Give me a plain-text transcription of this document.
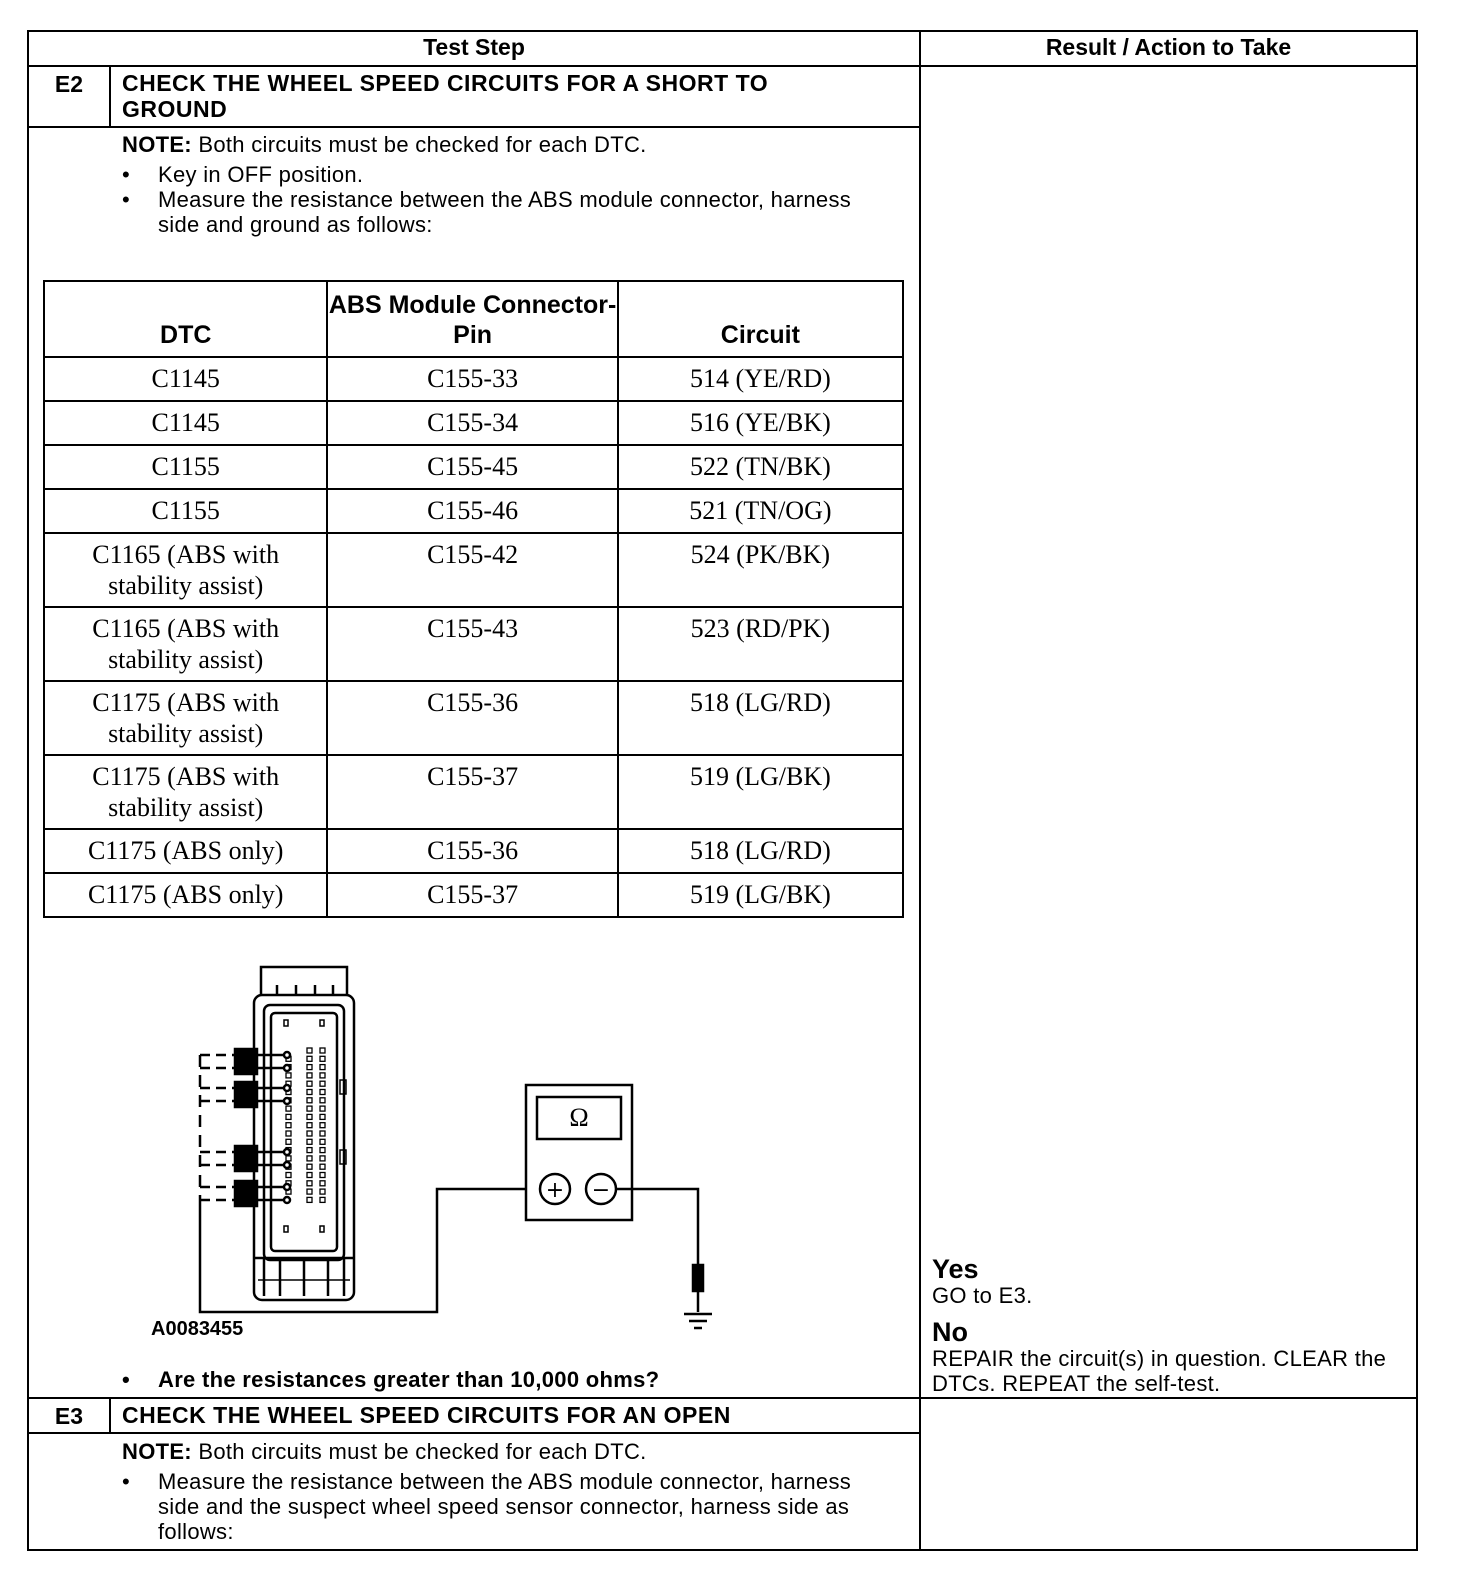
Test Step	Result / Action to Take
E2	CHECK THE WHEEL SPEED CIRCUITS FOR A SHORT TO GROUND
NOTE: Both circuits must be checked for each DTC.
•	Key in OFF position.
•	Measure the resistance between the ABS module connector, harness side and ground as follows:
DTC	ABS Module Connector-Pin	Circuit
C1145	C155-33	514 (YE/RD)
C1145	C155-34	516 (YE/BK)
C1155	C155-45	522 (TN/BK)
C1155	C155-46	521 (TN/OG)
C1165 (ABS with stability assist)	C155-42	524 (PK/BK)
C1165 (ABS with stability assist)	C155-43	523 (RD/PK)
C1175 (ABS with stability assist)	C155-36	518 (LG/RD)
C1175 (ABS with stability assist)	C155-37	519 (LG/BK)
C1175 (ABS only)	C155-36	518 (LG/RD)
C1175 (ABS only)	C155-37	519 (LG/BK)
Ω
+ −
A0083455
•	Are the resistances greater than 10,000 ohms?
Yes
GO to E3.
No
REPAIR the circuit(s) in question. CLEAR the DTCs. REPEAT the self-test.
E3	CHECK THE WHEEL SPEED CIRCUITS FOR AN OPEN
NOTE: Both circuits must be checked for each DTC.
•	Measure the resistance between the ABS module connector, harness side and the suspect wheel speed sensor connector, harness side as follows:
